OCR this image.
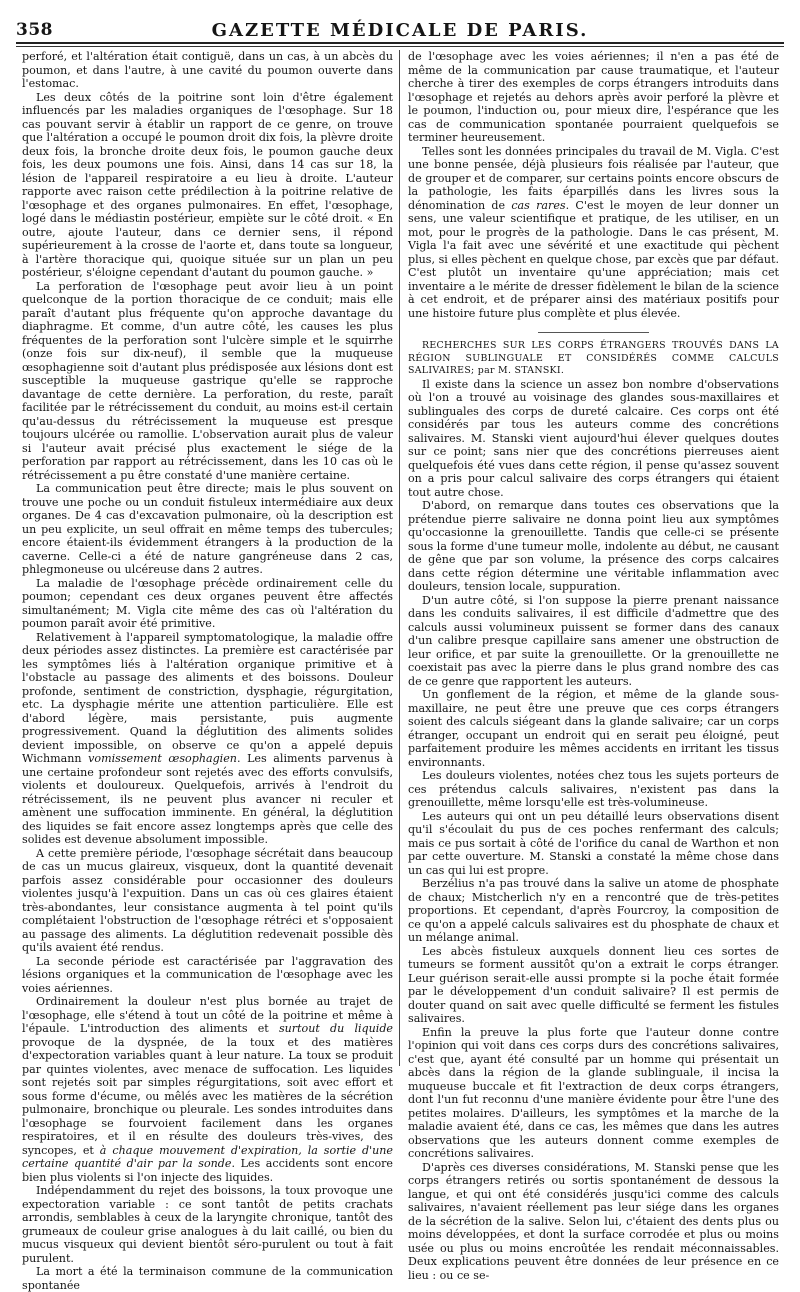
358	GAZETTE MÉDICALE DE PARIS.

perforé, et l'altération était contiguë, dans un cas, à un abcès du poumon, et dans l'autre, à une cavité du poumon ouverte dans l'estomac.

Les deux côtés de la poitrine sont loin d'être également influencés par les maladies organiques de l'œsophage. Sur 18 cas pouvant servir à établir un rapport de ce genre, on trouve que l'altération a occupé le poumon droit dix fois, la plèvre droite deux fois, la bronche droite deux fois, le poumon gauche deux fois, les deux poumons une fois. Ainsi, dans 14 cas sur 18, la lésion de l'appareil respiratoire a eu lieu à droite. L'auteur rapporte avec raison cette prédilection à la poitrine relative de l'œsophage et des organes pulmonaires. En effet, l'œsophage, logé dans le médiastin postérieur, empiète sur le côté droit. « En outre, ajoute l'auteur, dans ce dernier sens, il répond supérieurement à la crosse de l'aorte et, dans toute sa longueur, à l'artère thoracique qui, quoique située sur un plan un peu postérieur, s'éloigne cependant d'autant du poumon gauche. »

La perforation de l'œsophage peut avoir lieu à un point quelconque de la portion thoracique de ce conduit; mais elle paraît d'autant plus fréquente qu'on approche davantage du diaphragme. Et comme, d'un autre côté, les causes les plus fréquentes de la perforation sont l'ulcère simple et le squirrhe (onze fois sur dix-neuf), il semble que la muqueuse œsophagienne soit d'autant plus prédisposée aux lésions dont est susceptible la muqueuse gastrique qu'elle se rapproche davantage de cette dernière. La perforation, du reste, paraît facilitée par le rétrécissement du conduit, au moins est-il certain qu'au-dessus du rétrécissement la muqueuse est presque toujours ulcérée ou ramollie. L'observation aurait plus de valeur si l'auteur avait précisé plus exactement le siége de la perforation par rapport au rétrécissement, dans les 10 cas où le rétrécissement a pu être constaté d'une manière certaine.

La communication peut être directe; mais le plus souvent on trouve une poche ou un conduit fistuleux intermédiaire aux deux organes. De 4 cas d'excavation pulmonaire, où la description est un peu explicite, un seul offrait en même temps des tubercules; encore étaient-ils évidemment étrangers à la production de la caverne. Celle-ci a été de nature gangréneuse dans 2 cas, phlegmoneuse ou ulcéreuse dans 2 autres.

La maladie de l'œsophage précède ordinairement celle du poumon; cependant ces deux organes peuvent être affectés simultanément; M. Vigla cite même des cas où l'altération du poumon paraît avoir été primitive.

Relativement à l'appareil symptomatologique, la maladie offre deux périodes assez distinctes. La première est caractérisée par les symptômes liés à l'altération organique primitive et à l'obstacle au passage des aliments et des boissons. Douleur profonde, sentiment de constriction, dysphagie, régurgitation, etc. La dysphagie mérite une attention particulière. Elle est d'abord légère, mais persistante, puis augmente progressivement. Quand la déglutition des aliments solides devient impossible, on observe ce qu'on a appelé depuis Wichmann vomissement œsophagien. Les aliments parvenus à une certaine profondeur sont rejetés avec des efforts convulsifs, violents et douloureux. Quelquefois, arrivés à l'endroit du rétrécissement, ils ne peuvent plus avancer ni reculer et amènent une suffocation imminente. En général, la déglutition des liquides se fait encore assez longtemps après que celle des solides est devenue absolument impossible.

A cette première période, l'œsophage sécrétait dans beaucoup de cas un mucus glaireux, visqueux, dont la quantité devenait parfois assez considérable pour occasionner des douleurs violentes jusqu'à l'expuition. Dans un cas où ces glaires étaient très-abondantes, leur consistance augmenta à tel point qu'ils complétaient l'obstruction de l'œsophage rétréci et s'opposaient au passage des aliments. La déglutition redevenait possible dès qu'ils avaient été rendus.

La seconde période est caractérisée par l'aggravation des lésions organiques et la communication de l'œsophage avec les voies aériennes.

Ordinairement la douleur n'est plus bornée au trajet de l'œsophage, elle s'étend à tout un côté de la poitrine et même à l'épaule. L'introduction des aliments et surtout du liquide provoque de la dyspnée, de la toux et des matières d'expectoration variables quant à leur nature. La toux se produit par quintes violentes, avec menace de suffocation. Les liquides sont rejetés soit par simples régurgitations, soit avec effort et sous forme d'écume, ou mêlés avec les matières de la sécrétion pulmonaire, bronchique ou pleurale. Les sondes introduites dans l'œsophage se fourvoient facilement dans les organes respiratoires, et il en résulte des douleurs très-vives, des syncopes, et à chaque mouvement d'expiration, la sortie d'une certaine quantité d'air par la sonde. Les accidents sont encore bien plus violents si l'on injecte des liquides.

Indépendamment du rejet des boissons, la toux provoque une expectoration variable : ce sont tantôt de petits crachats arrondis, semblables à ceux de la laryngite chronique, tantôt des grumeaux de couleur grise analogues à du lait caillé, ou bien du mucus visqueux qui devient bientôt séro-purulent ou tout à fait purulent.

La mort a été la terminaison commune de la communication spontanée

de l'œsophage avec les voies aériennes; il n'en a pas été de même de la communication par cause traumatique, et l'auteur cherche à tirer des exemples de corps étrangers introduits dans l'œsophage et rejetés au dehors après avoir perforé la plèvre et le poumon, l'induction ou, pour mieux dire, l'espérance que les cas de communication spontanée pourraient quelquefois se terminer heureusement.

Telles sont les données principales du travail de M. Vigla. C'est une bonne pensée, déjà plusieurs fois réalisée par l'auteur, que de grouper et de comparer, sur certains points encore obscurs de la pathologie, les faits éparpillés dans les livres sous la dénomination de cas rares. C'est le moyen de leur donner un sens, une valeur scientifique et pratique, de les utiliser, en un mot, pour le progrès de la pathologie. Dans le cas présent, M. Vigla l'a fait avec une sévérité et une exactitude qui pèchent plus, si elles pèchent en quelque chose, par excès que par défaut. C'est plutôt un inventaire qu'une appréciation; mais cet inventaire a le mérite de dresser fidèlement le bilan de la science à cet endroit, et de préparer ainsi des matériaux positifs pour une histoire future plus complète et plus élevée.

RECHERCHES SUR LES CORPS ÉTRANGERS TROUVÉS DANS LA RÉGION SUBLINGUALE ET CONSIDÉRÉS COMME CALCULS SALIVAIRES; par M. STANSKI.

Il existe dans la science un assez bon nombre d'observations où l'on a trouvé au voisinage des glandes sous-maxillaires et sublinguales des corps de dureté calcaire. Ces corps ont été considérés par tous les auteurs comme des concrétions salivaires. M. Stanski vient aujourd'hui élever quelques doutes sur ce point; sans nier que des concrétions pierreuses aient quelquefois été vues dans cette région, il pense qu'assez souvent on a pris pour calcul salivaire des corps étrangers qui étaient tout autre chose.

D'abord, on remarque dans toutes ces observations que la prétendue pierre salivaire ne donna point lieu aux symptômes qu'occasionne la grenouillette. Tandis que celle-ci se présente sous la forme d'une tumeur molle, indolente au début, ne causant de gêne que par son volume, la présence des corps calcaires dans cette région détermine une véritable inflammation avec douleurs, tension locale, suppuration.

D'un autre côté, si l'on suppose la pierre prenant naissance dans les conduits salivaires, il est difficile d'admettre que des calculs aussi volumineux puissent se former dans des canaux d'un calibre presque capillaire sans amener une obstruction de leur orifice, et par suite la grenouillette. Or la grenouillette ne coexistait pas avec la pierre dans le plus grand nombre des cas de ce genre que rapportent les auteurs.

Un gonflement de la région, et même de la glande sous-maxillaire, ne peut être une preuve que ces corps étrangers soient des calculs siégeant dans la glande salivaire; car un corps étranger, occupant un endroit qui en serait peu éloigné, peut parfaitement produire les mêmes accidents en irritant les tissus environnants.

Les douleurs violentes, notées chez tous les sujets porteurs de ces prétendus calculs salivaires, n'existent pas dans la grenouillette, même lorsqu'elle est très-volumineuse.

Les auteurs qui ont un peu détaillé leurs observations disent qu'il s'écoulait du pus de ces poches renfermant des calculs; mais ce pus sortait à côté de l'orifice du canal de Warthon et non par cette ouverture. M. Stanski a constaté la même chose dans un cas qui lui est propre.

Berzélius n'a pas trouvé dans la salive un atome de phosphate de chaux; Mistcherlich n'y en a rencontré que de très-petites proportions. Et cependant, d'après Fourcroy, la composition de ce qu'on a appelé calculs salivaires est du phosphate de chaux et un mélange animal.

Les abcès fistuleux auxquels donnent lieu ces sortes de tumeurs se forment aussitôt qu'on a extrait le corps étranger. Leur guérison serait-elle aussi prompte si la poche était formée par le développement d'un conduit salivaire? Il est permis de douter quand on sait avec quelle difficulté se ferment les fistules salivaires.

Enfin la preuve la plus forte que l'auteur donne contre l'opinion qui voit dans ces corps durs des concrétions salivaires, c'est que, ayant été consulté par un homme qui présentait un abcès dans la région de la glande sublinguale, il incisa la muqueuse buccale et fit l'extraction de deux corps étrangers, dont l'un fut reconnu d'une manière évidente pour être l'une des petites molaires. D'ailleurs, les symptômes et la marche de la maladie avaient été, dans ce cas, les mêmes que dans les autres observations que les auteurs donnent comme exemples de concrétions salivaires.

D'après ces diverses considérations, M. Stanski pense que les corps étrangers retirés ou sortis spontanément de dessous la langue, et qui ont été considérés jusqu'ici comme des calculs salivaires, n'avaient réellement pas leur siége dans les organes de la sécrétion de la salive. Selon lui, c'étaient des dents plus ou moins développées, et dont la surface corrodée et plus ou moins usée ou plus ou moins encroûtée les rendait méconnaissables. Deux explications peuvent être données de leur présence en ce lieu : ou ce se-
